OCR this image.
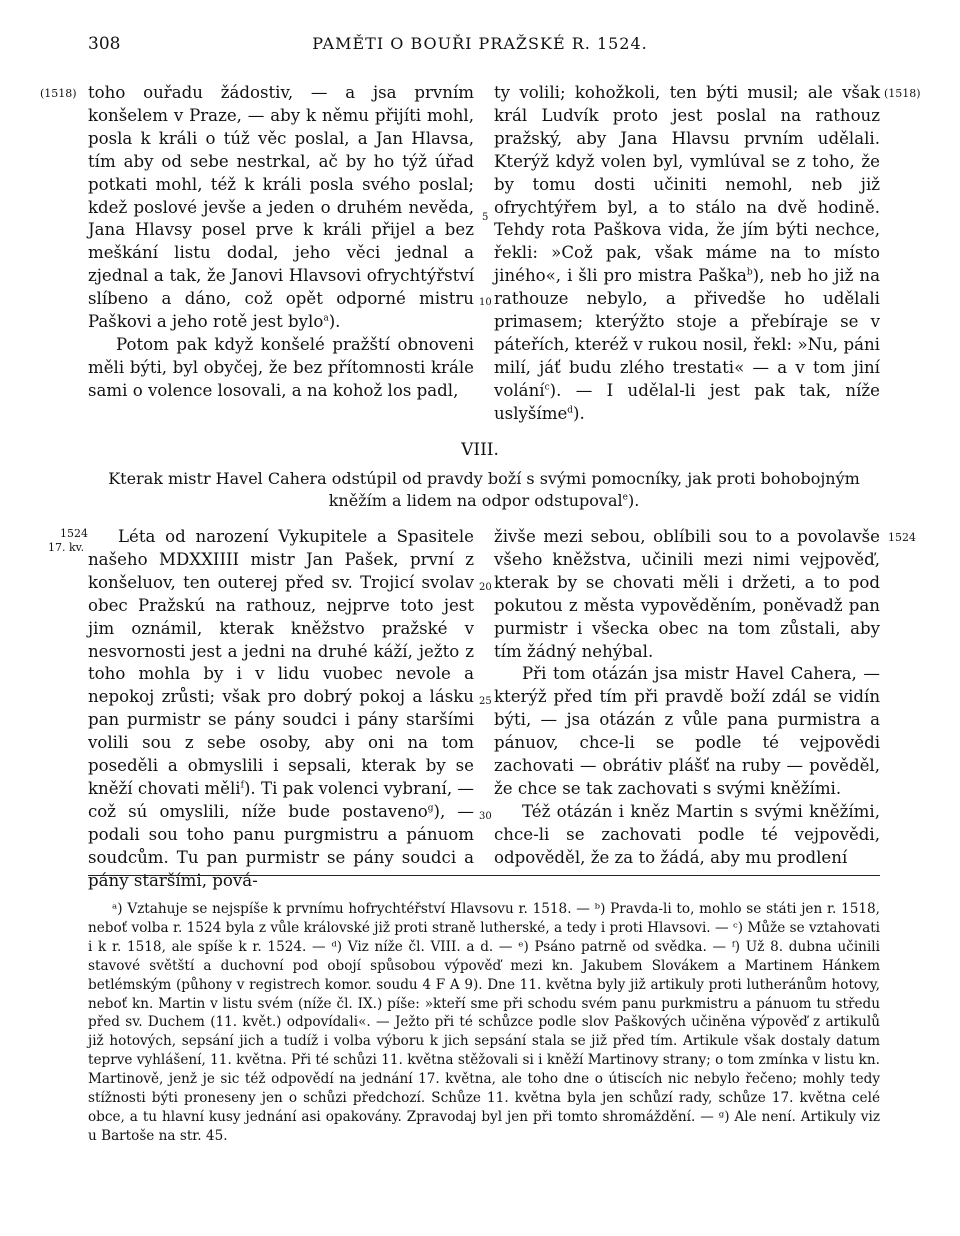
308	PAMĚTI O BOUŘI PRAŽSKÉ R. 1524.
(1518)	(1518)
5
10

toho ouřadu žádostiv, — a jsa prvním konšelem v Praze, — aby k němu přijíti mohl, posla k králi o túž věc poslal, a Jan Hlavsa, tím aby od sebe nestrkal, ač by ho týž úřad potkati mohl, též k králi posla svého poslal; kdež poslové jevše a jeden o druhém nevěda, Jana Hlavsy posel prve k králi přijel a bez meškání listu dodal, jeho věci jednal a zjednal a tak, že Janovi Hlavsovi ofrychtýřství slíbeno a dáno, což opět odporné mistru Paškovi a jeho rotě jest bylo$^a$).

Potom pak když konšelé pražští obnoveni měli býti, byl obyčej, že bez přítomnosti krále sami o volence losovali, a na kohož los padl,

ty volili; kohožkoli, ten býti musil; ale však král Ludvík proto jest poslal na rathouz pražský, aby Jana Hlavsu prvním udělali. Kterýž když volen byl, vymlúval se z toho, že by tomu dosti učiniti nemohl, neb již ofrychtýřem byl, a to stálo na dvě hodině. Tehdy rota Paškova vida, že jím býti nechce, řekli: »Což pak, však máme na to místo jiného«, i šli pro mistra Paška$^b$), neb ho již na rathouze nebylo, a přivedše ho udělali primasem; kterýžto stoje a přebíraje se v páteřích, kteréž v rukou nosil, řekl: »Nu, páni milí, jáť budu zlého trestati« — a v tom jiní volání$^c$). — I udělal-li jest pak tak, níže uslyšíme$^d$).

VIII.
Kterak mistr Havel Cahera odstúpil od pravdy boží s svými pomocníky, jak proti bohobojným kněžím a lidem na odpor odstupoval$^e$).
1524
17. kv.
1524
20
25
30

Léta od narození Vykupitele a Spasitele našeho MDXXIIII mistr Jan Pašek, první z konšeluov, ten outerej před sv. Trojicí svolav obec Pražskú na rathouz, nejprve toto jest jim oznámil, kterak kněžstvo pražské v nesvornosti jest a jedni na druhé káží, ježto z toho mohla by i v lidu vuobec nevole a nepokoj zrůsti; však pro dobrý pokoj a lásku pan purmistr se pány soudci i pány staršími volili sou z sebe osoby, aby oni na tom poseděli a obmyslili i sepsali, kterak by se kněží chovati měli$^f$). Ti pak volenci vybraní, — což sú omyslili, níže bude postaveno$^g$), — podali sou toho panu purgmistru a pánuom soudcům. Tu pan purmistr se pány soudci a pány staršími, pová-

živše mezi sebou, oblíbili sou to a povolavše všeho kněžstva, učinili mezi nimi vejpověď, kterak by se chovati měli i držeti, a to pod pokutou z města vypověděním, poněvadž pan purmistr i všecka obec na tom zůstali, aby tím žádný nehýbal.

Při tom otázán jsa mistr Havel Cahera, — kterýž před tím při pravdě boží zdál se vidín býti, — jsa otázán z vůle pana purmistra a pánuov, chce-li se podle té vejpovědi zachovati — obrátiv plášť na ruby — pověděl, že chce se tak zachovati s svými kněžími.

Též otázán i kněz Martin s svými kněžími, chce-li se zachovati podle té vejpovědi, odpověděl, že za to žádá, aby mu prodlení

ᵃ) Vztahuje se nejspíše k prvnímu hofrychtéřství Hlavsovu r. 1518. — ᵇ) Pravda-li to, mohlo se státi jen r. 1518, neboť volba r. 1524 byla z vůle královské již proti straně lutherské, a tedy i proti Hlavsovi. — ᶜ) Může se vztahovati i k r. 1518, ale spíše k r. 1524. — ᵈ) Viz níže čl. VIII. a d. — ᵉ) Psáno patrně od svědka. — ᶠ) Už 8. dubna učinili stavové světští a duchovní pod obojí spůsobou výpověď mezi kn. Jakubem Slovákem a Martinem Hánkem betlémským (půhony v registrech komor. soudu 4 F A 9). Dne 11. května byly již artikuly proti lutheránům hotovy, neboť kn. Martin v listu svém (níže čl. IX.) píše: »kteří sme při schodu svém panu purkmistru a pánuom tu středu před sv. Duchem (11. květ.) odpovídali«. — Ježto při té schůzce podle slov Paškových učiněna výpověď z artikulů již hotových, sepsání jich a tudíž i volba výboru k jich sepsání stala se již před tím. Artikule však dostaly datum teprve vyhlášení, 11. května. Při té schůzi 11. května stěžovali si i kněží Martinovy strany; o tom zmínka v listu kn. Martinově, jenž je sic též odpovědí na jednání 17. května, ale toho dne o útiscích nic nebylo řečeno; mohly tedy stížnosti býti proneseny jen o schůzi předchozí. Schůze 11. května byla jen schůzí rady, schůze 17. května celé obce, a tu hlavní kusy jednání asi opakovány. Zpravodaj byl jen při tomto shromáždění. — ᵍ) Ale není. Artikuly viz u Bartoše na str. 45.
